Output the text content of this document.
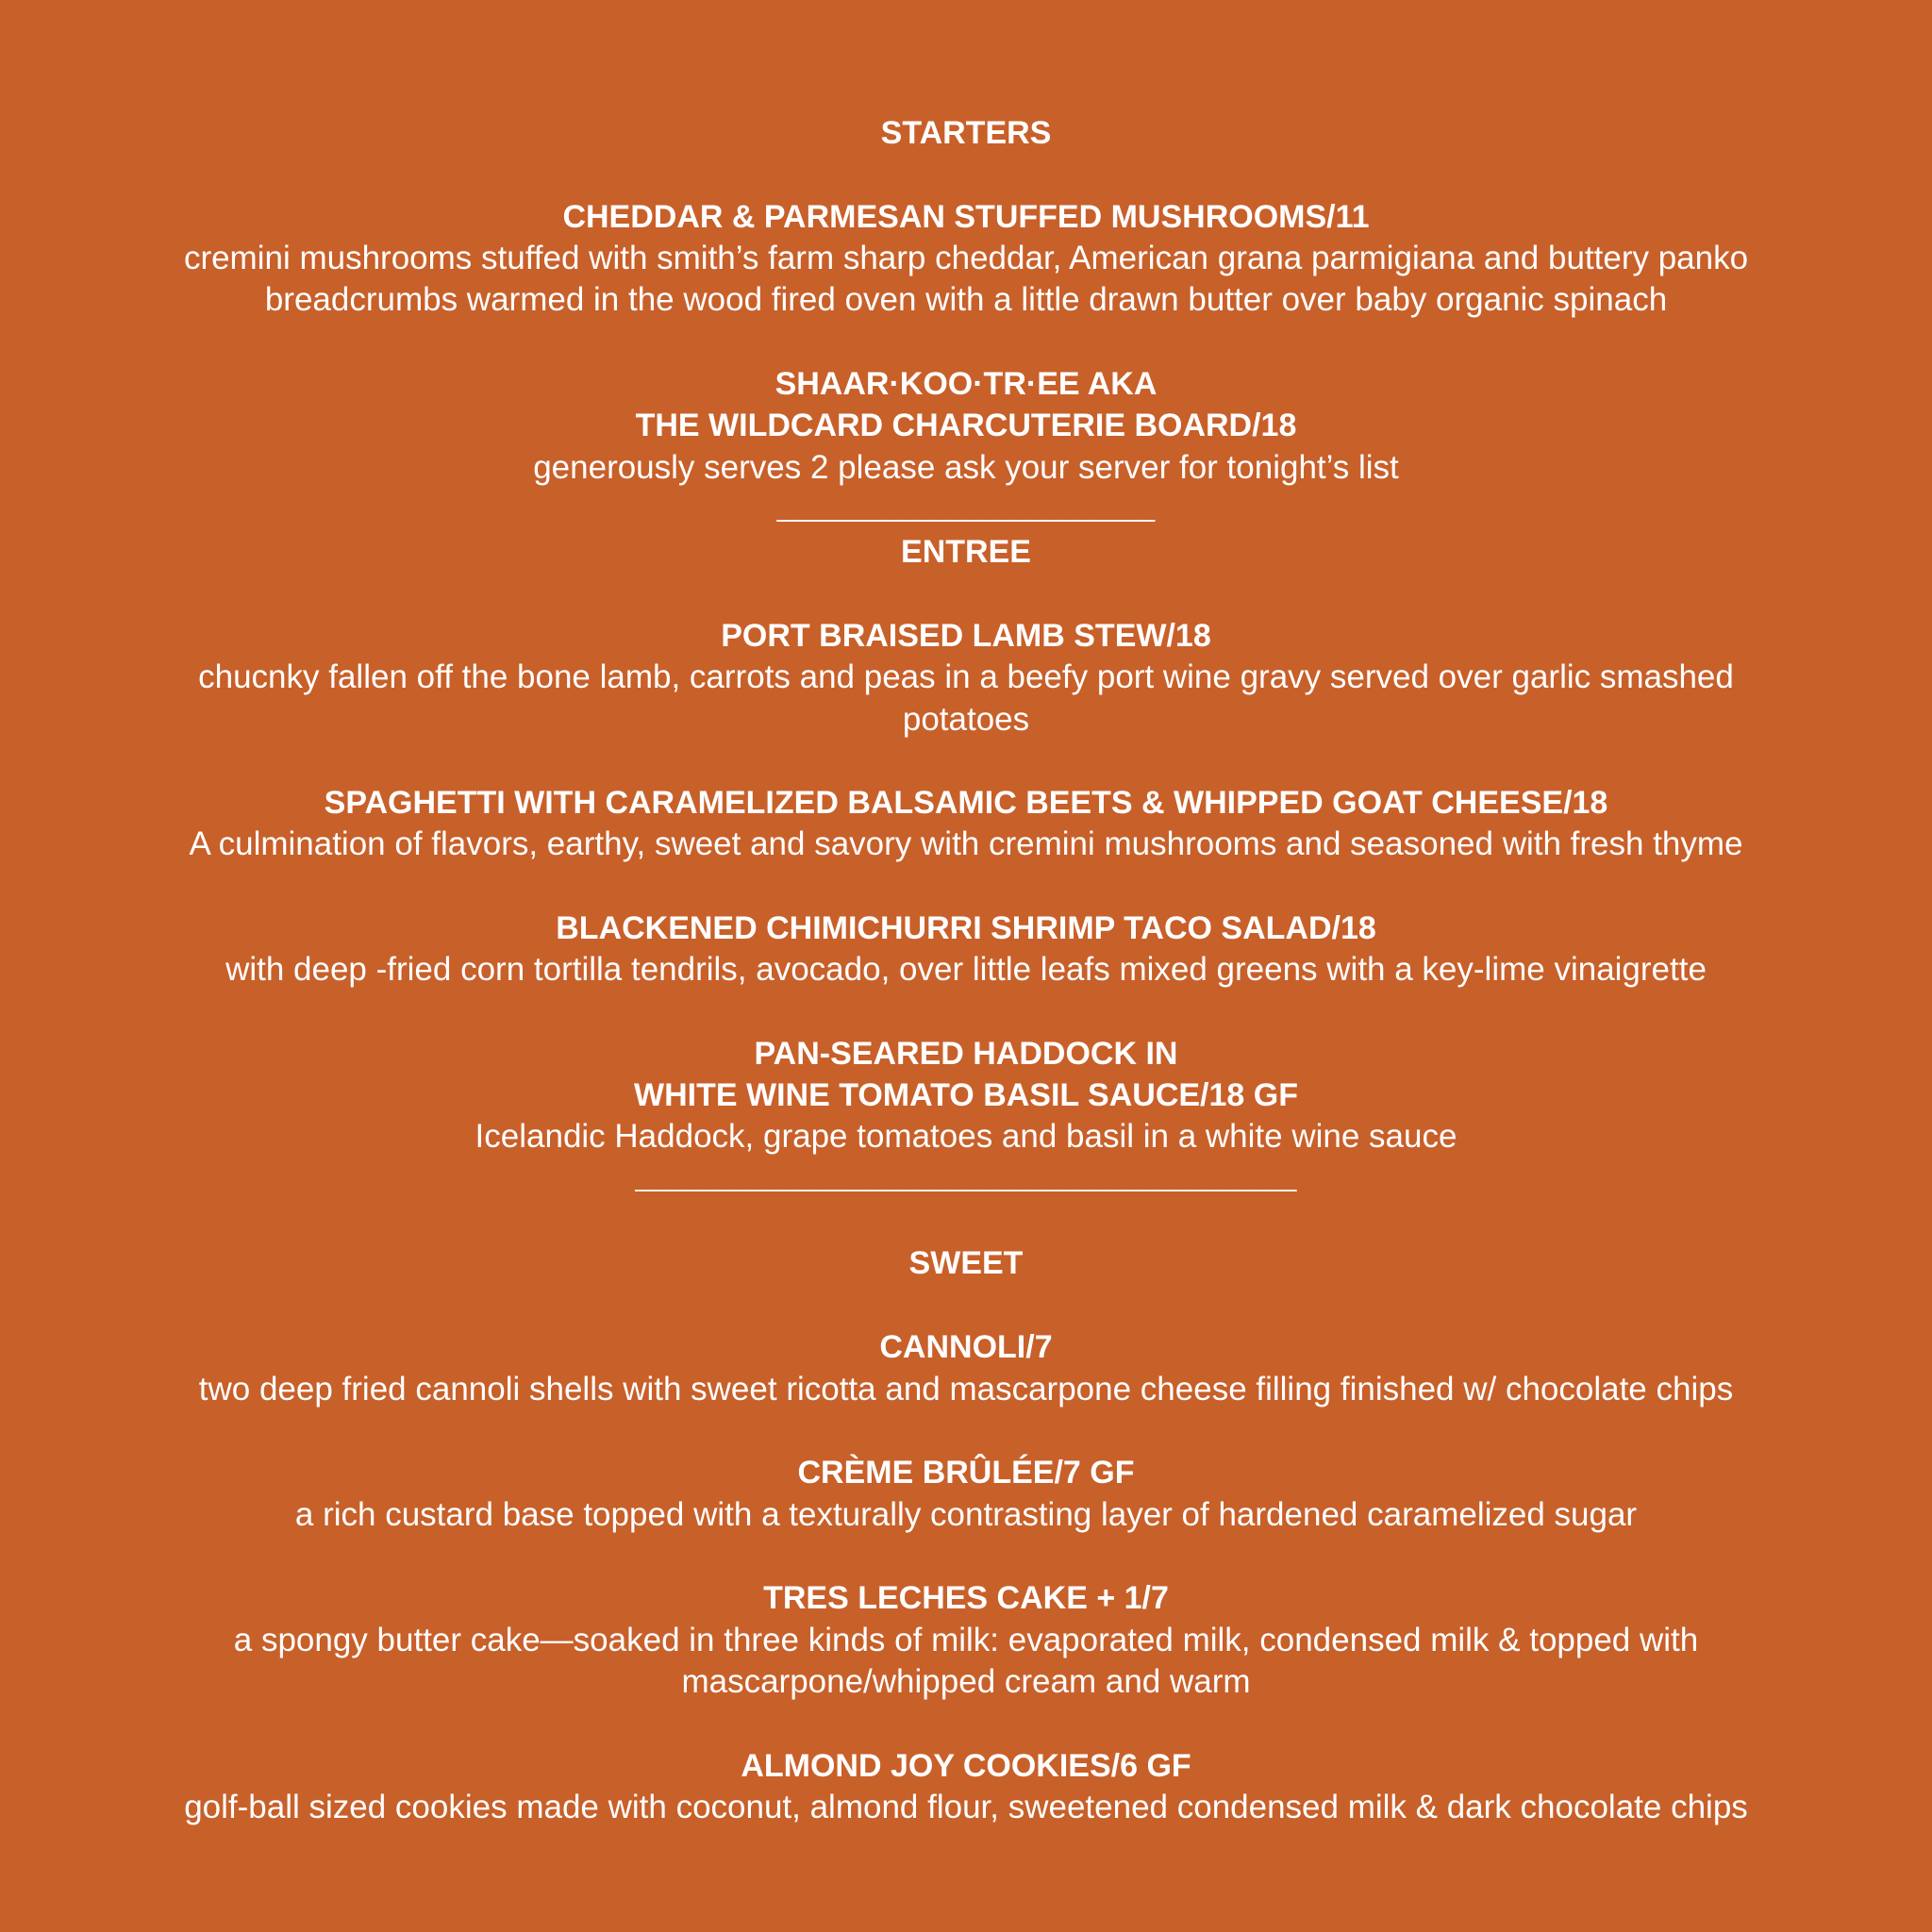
STARTERS
CHEDDAR & PARMESAN STUFFED MUSHROOMS/11
cremini mushrooms stuffed with smith’s farm sharp cheddar, American grana parmigiana and buttery panko
breadcrumbs warmed in the wood fired oven with a little drawn butter over baby organic spinach
SHAAR·KOO·TR·EE AKA
THE WILDCARD CHARCUTERIE BOARD/18
generously serves 2 please ask your server for tonight’s list
________________________
ENTREE
PORT BRAISED LAMB STEW/18
chucnky fallen off the bone lamb, carrots and peas in a beefy port wine gravy served over garlic smashed
potatoes
SPAGHETTI WITH CARAMELIZED BALSAMIC BEETS & WHIPPED GOAT CHEESE/18
A culmination of flavors, earthy, sweet and savory with cremini mushrooms and seasoned with fresh thyme
BLACKENED CHIMICHURRI SHRIMP TACO SALAD/18
with deep -fried corn tortilla tendrils, avocado, over little leafs mixed greens with a key-lime vinaigrette
PAN-SEARED HADDOCK IN
WHITE WINE TOMATO BASIL SAUCE/18 GF
Icelandic Haddock, grape tomatoes and basil in a white wine sauce
__________________________________________
SWEET
CANNOLI/7
two deep fried cannoli shells with sweet ricotta and mascarpone cheese filling finished w/ chocolate chips
CRÈME BRÛLÉE/7 GF
a rich custard base topped with a texturally contrasting layer of hardened caramelized sugar
TRES LECHES CAKE + 1/7
a spongy butter cake—soaked in three kinds of milk: evaporated milk, condensed milk & topped with
mascarpone/whipped cream and warm
ALMOND JOY COOKIES/6 GF
golf-ball sized cookies made with coconut, almond flour, sweetened condensed milk & dark chocolate chips
